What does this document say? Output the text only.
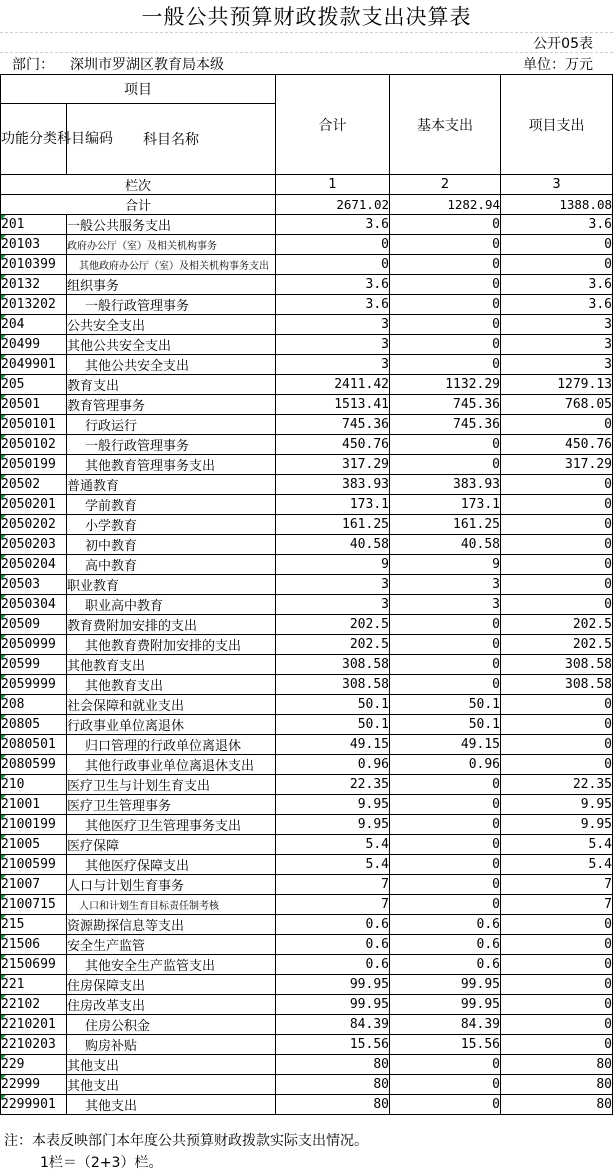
一般公共预算财政拨款支出决算表
公开05表
部门： 深圳市罗湖区教育局本级	单位：万元
项目		合计	基本支出	项目支出
功能分类科目编码	科目名称			
栏次		1	2	3
合计		2671.02	1282.94	1388.08
201	一般公共服务支出	3.6	0	3.6
20103	政府办公厅（室）及相关机构事务	0	0	0
2010399	其他政府办公厅（室）及相关机构事务支出	0	0	0
20132	组织事务	3.6	0	3.6
2013202	一般行政管理事务	3.6	0	3.6
204	公共安全支出	3	0	3
20499	其他公共安全支出	3	0	3
2049901	其他公共安全支出	3	0	3
205	教育支出	2411.42	1132.29	1279.13
20501	教育管理事务	1513.41	745.36	768.05
2050101	行政运行	745.36	745.36	0
2050102	一般行政管理事务	450.76	0	450.76
2050199	其他教育管理事务支出	317.29	0	317.29
20502	普通教育	383.93	383.93	0
2050201	学前教育	173.1	173.1	0
2050202	小学教育	161.25	161.25	0
2050203	初中教育	40.58	40.58	0
2050204	高中教育	9	9	0
20503	职业教育	3	3	0
2050304	职业高中教育	3	3	0
20509	教育费附加安排的支出	202.5	0	202.5
2050999	其他教育费附加安排的支出	202.5	0	202.5
20599	其他教育支出	308.58	0	308.58
2059999	其他教育支出	308.58	0	308.58
208	社会保障和就业支出	50.1	50.1	0
20805	行政事业单位离退休	50.1	50.1	0
2080501	归口管理的行政单位离退休	49.15	49.15	0
2080599	其他行政事业单位离退休支出	0.96	0.96	0
210	医疗卫生与计划生育支出	22.35	0	22.35
21001	医疗卫生管理事务	9.95	0	9.95
2100199	其他医疗卫生管理事务支出	9.95	0	9.95
21005	医疗保障	5.4	0	5.4
2100599	其他医疗保障支出	5.4	0	5.4
21007	人口与计划生育事务	7	0	7
2100715	人口和计划生育目标责任制考核	7	0	7
215	资源勘探信息等支出	0.6	0.6	0
21506	安全生产监管	0.6	0.6	0
2150699	其他安全生产监管支出	0.6	0.6	0
221	住房保障支出	99.95	99.95	0
22102	住房改革支出	99.95	99.95	0
2210201	住房公积金	84.39	84.39	0
2210203	购房补贴	15.56	15.56	0
229	其他支出	80	0	80
22999	其他支出	80	0	80
2299901	其他支出	80	0	80
注：本表反映部门本年度公共预算财政拨款实际支出情况。
1栏＝（2+3）栏。
